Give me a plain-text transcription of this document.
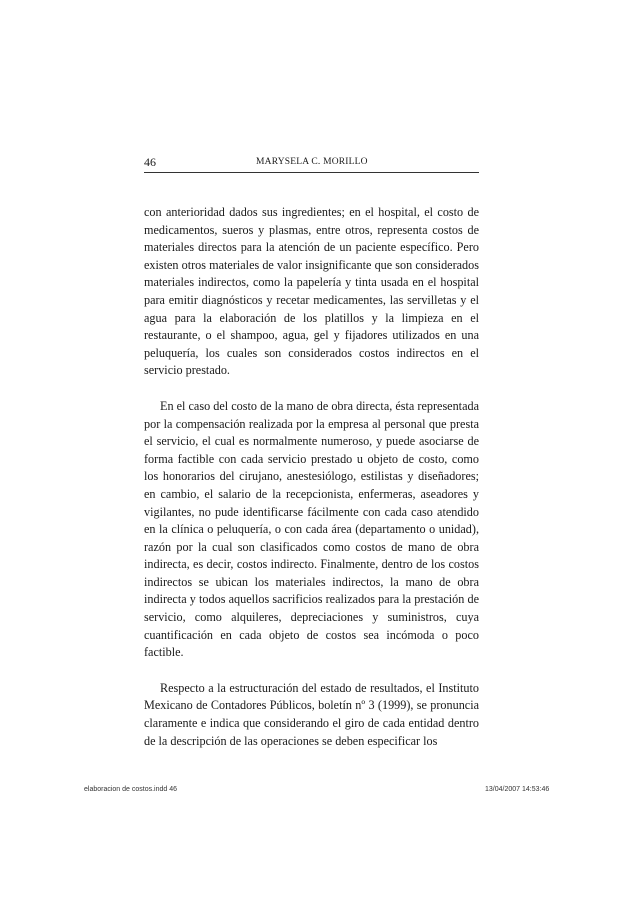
46	MARYSELA C. MORILLO

con anterioridad dados sus ingredientes; en el hospital, el costo de medicamentos, sueros y plasmas, entre otros, representa costos de materiales directos para la atención de un paciente específico. Pero existen otros materiales de valor insignificante que son considerados materiales indirectos, como la papelería y tinta usada en el hospital para emitir diagnósticos y recetar medicamentes, las servilletas y el agua para la elaboración de los platillos y la limpieza en el restaurante, o el shampoo, agua, gel y fijadores utilizados en una peluquería, los cuales son considerados costos indirectos en el servicio prestado.

En el caso del costo de la mano de obra directa, ésta representada por la compensación realizada por la empresa al personal que presta el servicio, el cual es normalmente numeroso, y puede asociarse de forma factible con cada servicio prestado u objeto de costo, como los honorarios del cirujano, anestesiólogo, estilistas y diseñadores; en cambio, el salario de la recepcionista, enfermeras, aseadores y vigilantes, no pude identificarse fácilmente con cada caso atendido en la clínica o peluquería, o con cada área (departamento o unidad), razón por la cual son clasificados como costos de mano de obra indirecta, es decir, costos indirecto. Finalmente, dentro de los costos indirectos se ubican los materiales indirectos, la mano de obra indirecta y todos aquellos sacrificios realizados para la prestación de servicio, como alquileres, depreciaciones y suministros, cuya cuantificación en cada objeto de costos sea incómoda o poco factible.

Respecto a la estructuración del estado de resultados, el Instituto Mexicano de Contadores Públicos, boletín nº 3 (1999), se pronuncia claramente e indica que considerando el giro de cada entidad dentro de la descripción de las operaciones se deben especificar los

elaboracion de costos.indd 46	13/04/2007 14:53:46
